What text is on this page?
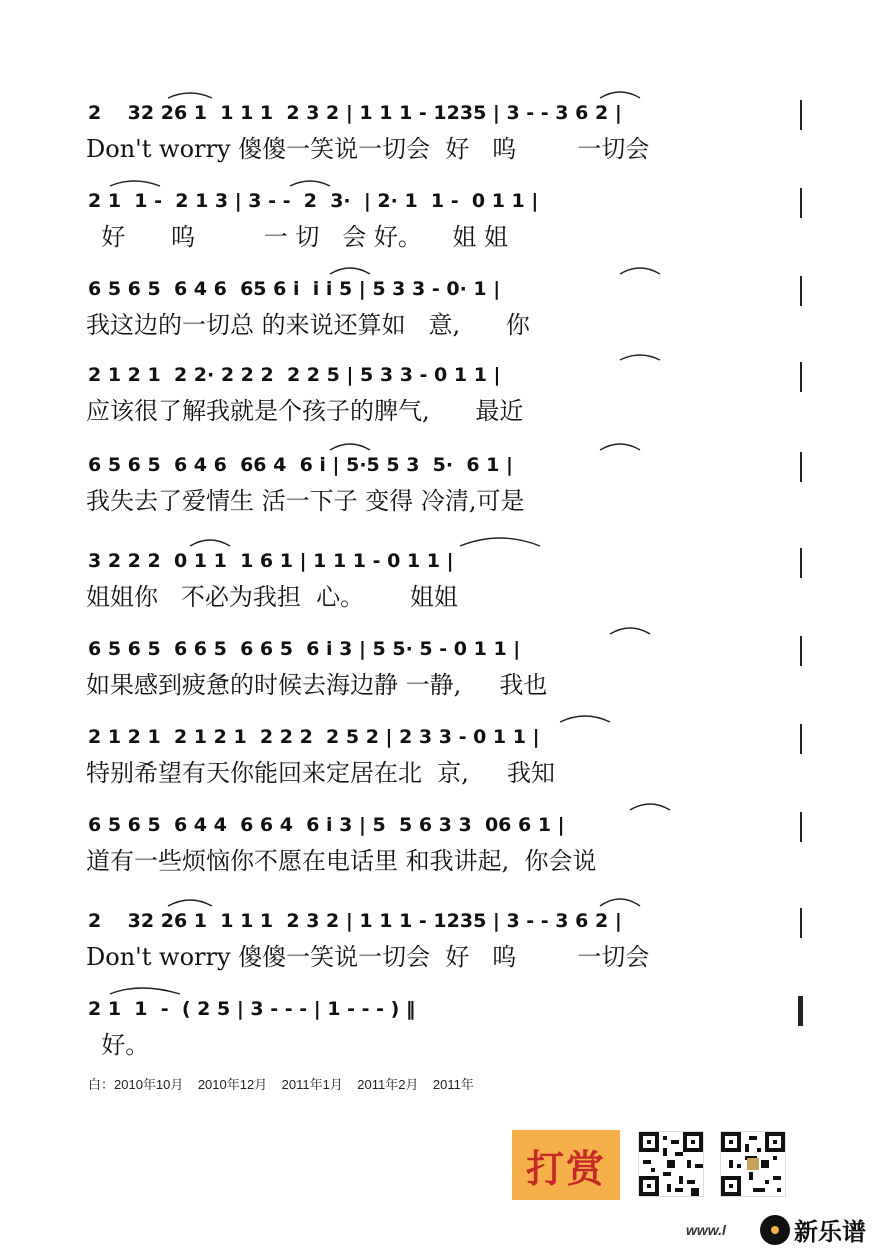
2    32 26 1  1 1 1  2 3 2 | 1 1 1 - 1235 | 3 - - 3 6 2 |
Don't worry 傻傻一笑说一切会  好   呜        一切会
2 1  1 -  2 1 3 | 3 - -  2  3·  | 2· 1  1 -  0 1 1 |
好      呜         一 切   会 好。    姐 姐
6 5 6 5  6 4 6  65 6 i  i i 5 | 5 3 3 - 0· 1 |
我这边的一切总 的来说还算如   意,      你
2 1 2 1  2 2· 2 2 2  2 2 5 | 5 3 3 - 0 1 1 |
应该很了解我就是个孩子的脾气,      最近
6 5 6 5  6 4 6  66 4  6 i | 5·5 5 3  5·  6 1 |
我失去了爱情生 活一下子 变得 冷清,可是
3 2 2 2  0 1 1  1 6 1 | 1 1 1 - 0 1 1 |
姐姐你   不必为我担  心。      姐姐
6 5 6 5  6 6 5  6 6 5  6 i 3 | 5 5· 5 - 0 1 1 |
如果感到疲惫的时候去海边静 一静,     我也
2 1 2 1  2 1 2 1  2 2 2  2 5 2 | 2 3 3 - 0 1 1 |
特别希望有天你能回来定居在北  京,     我知
6 5 6 5  6 4 4  6 6 4  6 i 3 | 5  5 6 3 3  06 6 1 |
道有一些烦恼你不愿在电话里 和我讲起,  你会说
2    32 26 1  1 1 1  2 3 2 | 1 1 1 - 1235 | 3 - - 3 6 2 |
Don't worry 傻傻一笑说一切会  好   呜        一切会
2 1  1  -  ( 2 5 | 3 - - - | 1 - - - ) ‖
好。
白：2010年10月    2010年12月    2011年1月    2011年2月    2011年
打赏
www.l	新乐谱
